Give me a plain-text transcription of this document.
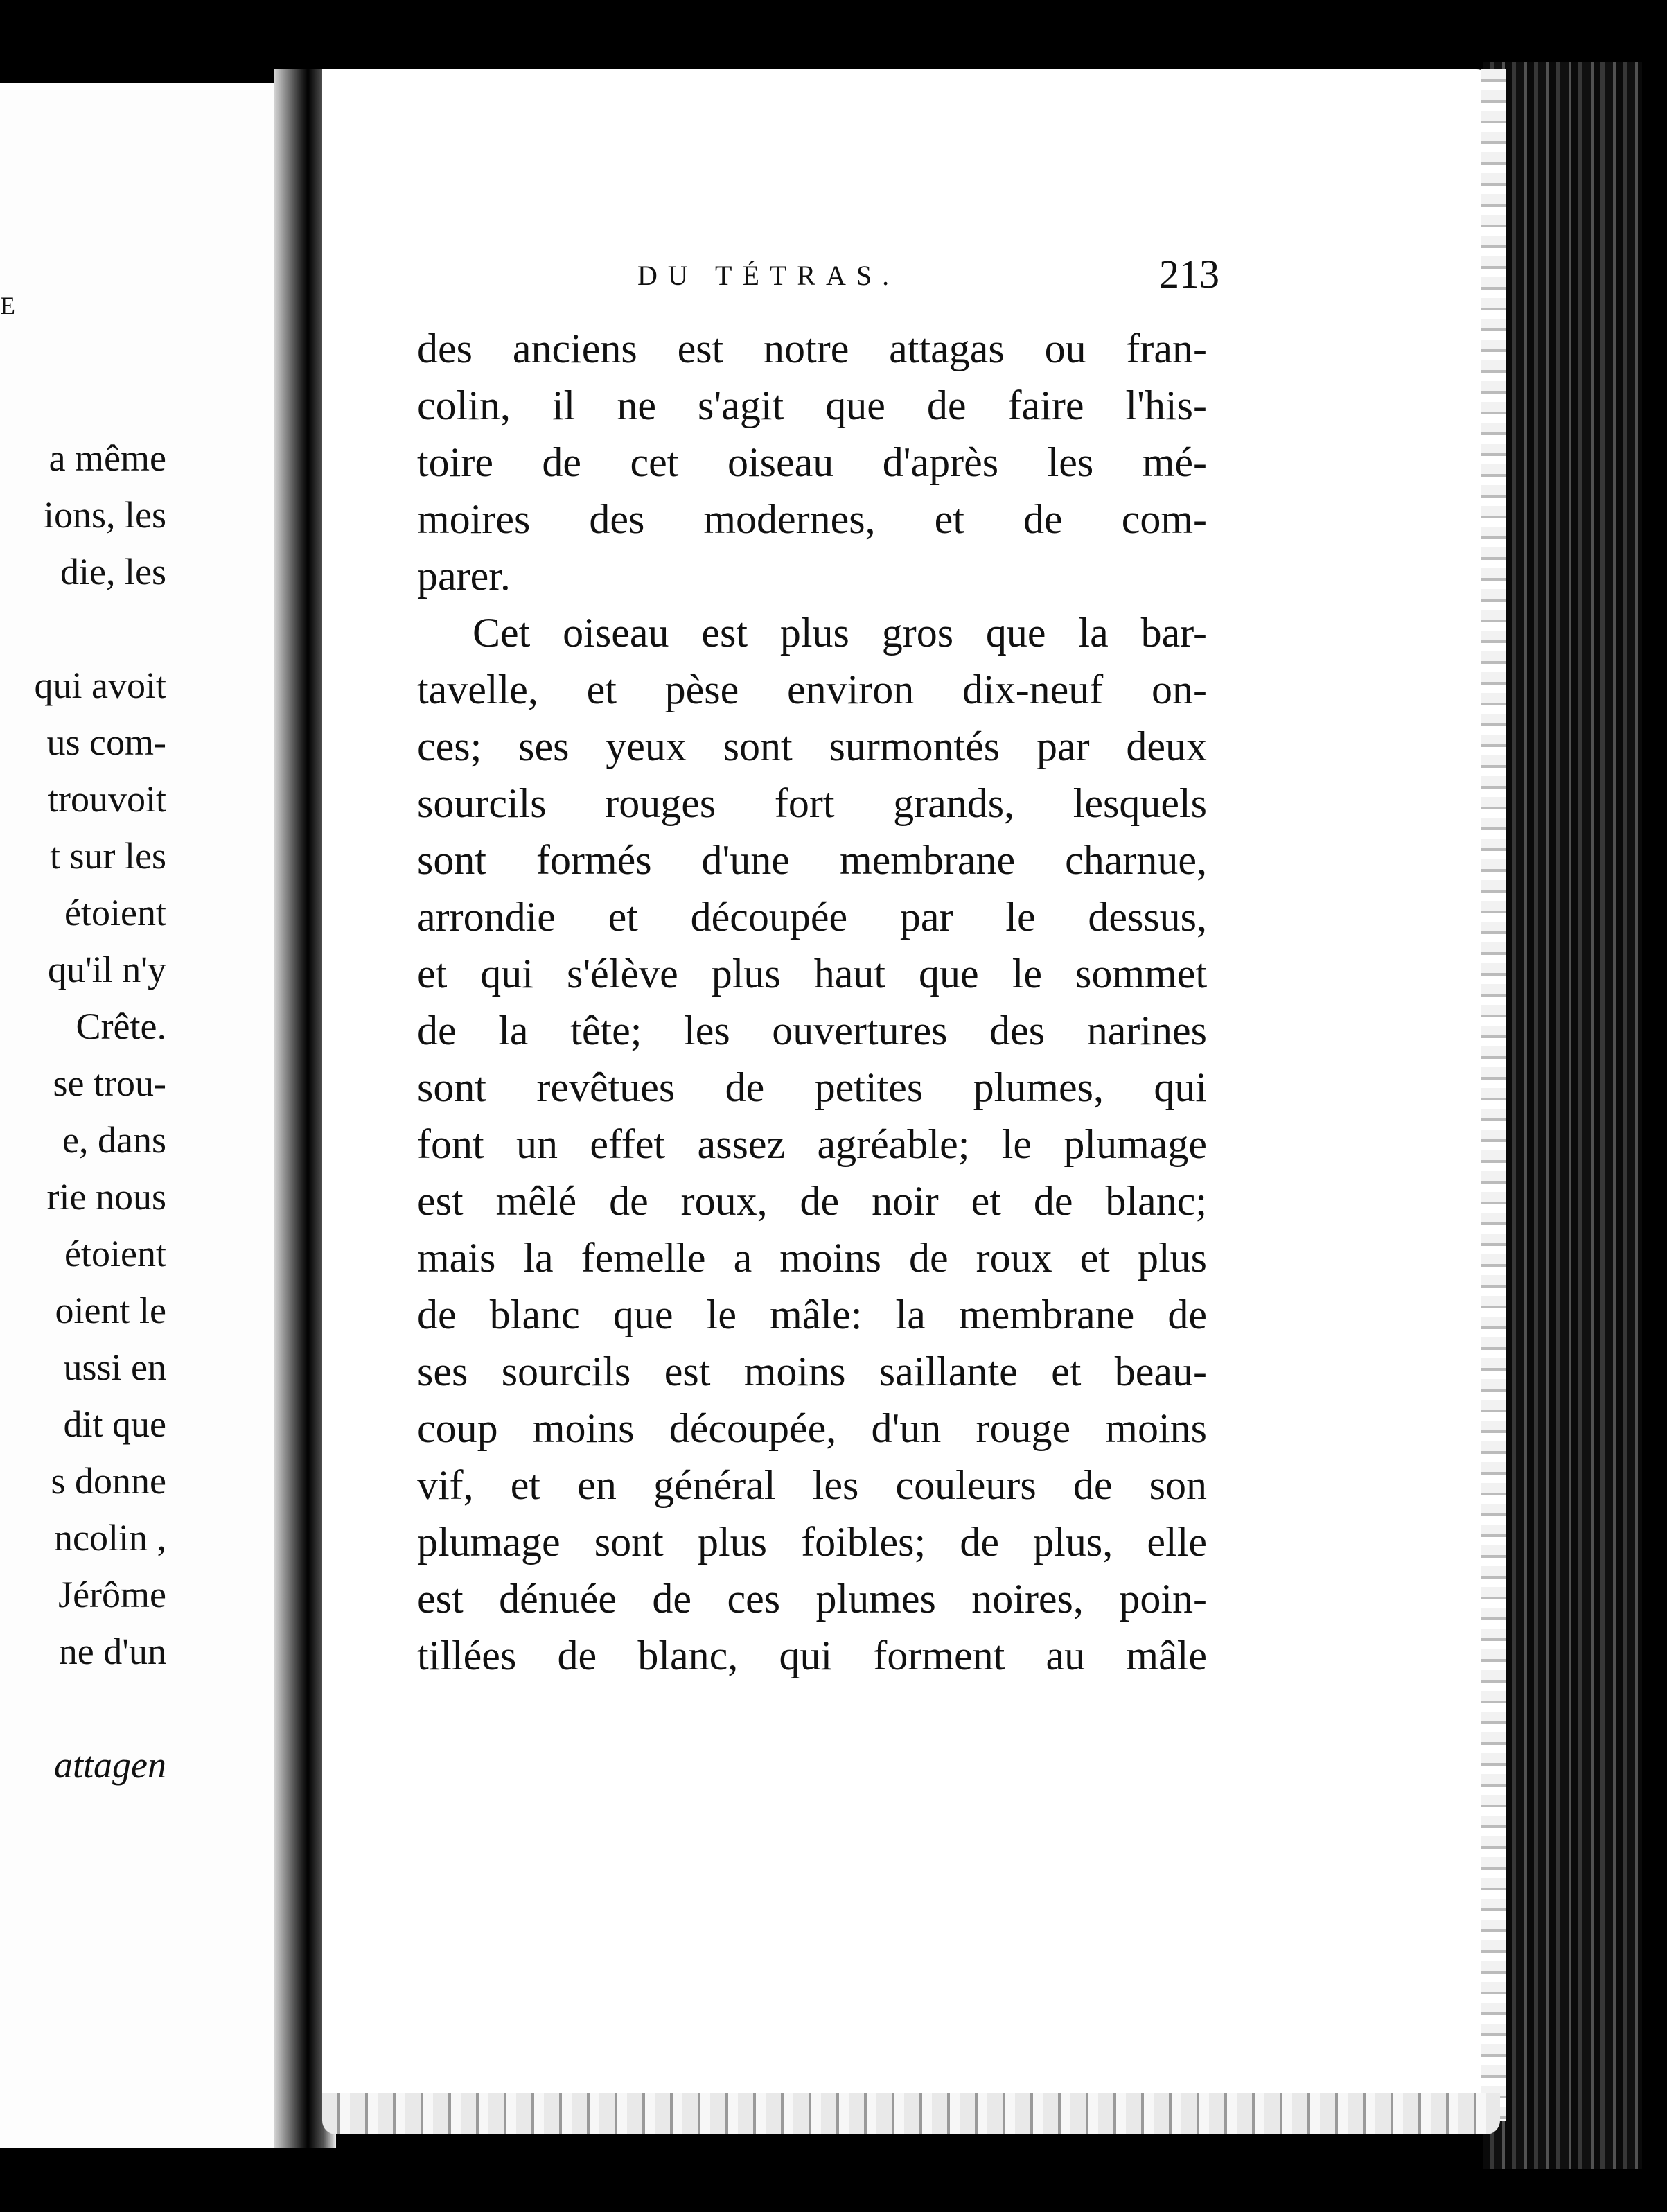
E
a même
ions, les
die, les
qui avoit
us com-
trouvoit
t sur les
étoient
qu'il n'y
Crête.
se trou-
e, dans
rie nous
étoient
oient le
ussi en
dit que
s donne
ncolin ,
Jérôme
ne d'un
attagen
DU TÉTRAS.	213
des anciens est notre attagas ou fran-
colin, il ne s'agit que de faire l'his-
toire de cet oiseau d'après les mé-
moires des modernes, et de com-
parer.
Cet oiseau est plus gros que la bar-
tavelle, et pèse environ dix-neuf on-
ces; ses yeux sont surmontés par deux
sourcils rouges fort grands, lesquels
sont formés d'une membrane charnue,
arrondie et découpée par le dessus,
et qui s'élève plus haut que le sommet
de la tête; les ouvertures des narines
sont revêtues de petites plumes, qui
font un effet assez agréable; le plumage
est mêlé de roux, de noir et de blanc;
mais la femelle a moins de roux et plus
de blanc que le mâle: la membrane de
ses sourcils est moins saillante et beau-
coup moins découpée, d'un rouge moins
vif, et en général les couleurs de son
plumage sont plus foibles; de plus, elle
est dénuée de ces plumes noires, poin-
tillées de blanc, qui forment au mâle
